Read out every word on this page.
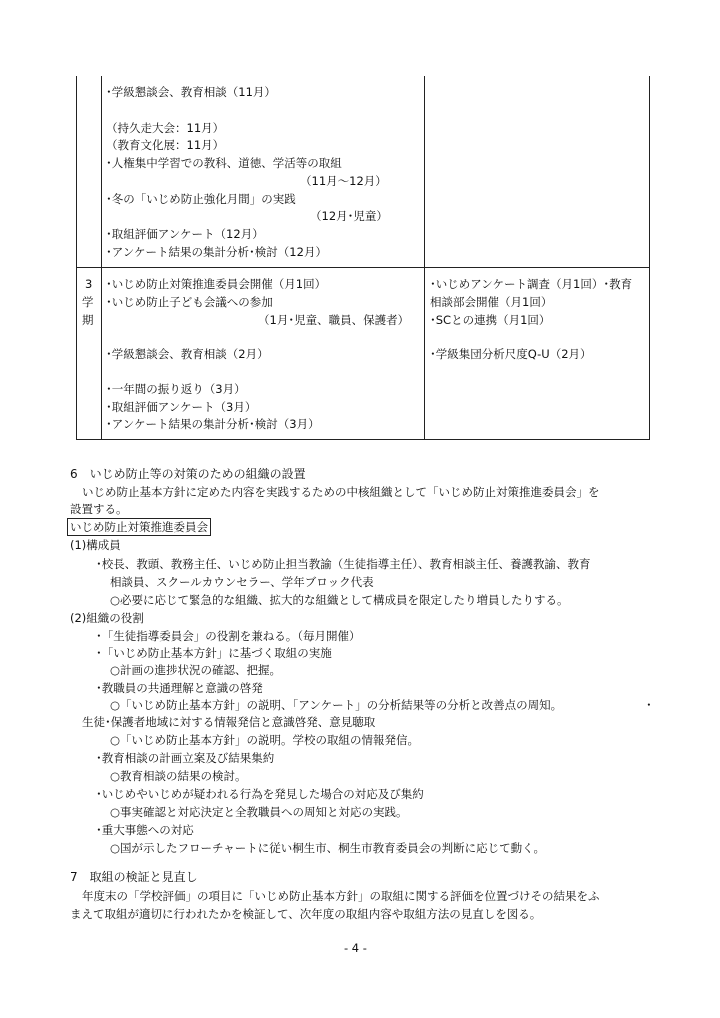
･学級懇談会、教育相談（11月）
（持久走大会：11月）
（教育文化展：11月）
･人権集中学習での教科、道徳、学活等の取組
（11月～12月）
･冬の「いじめ防止強化月間」の実践
（12月･児童）
･取組評価アンケート（12月）
･アンケート結果の集計分析･検討（12月）
3
学
期
･いじめ防止対策推進委員会開催（月1回）
･いじめ防止子ども会議への参加
（1月･児童、職員、保護者）
･学級懇談会、教育相談（2月）
･一年間の振り返り（3月）
･取組評価アンケート（3月）
･アンケート結果の集計分析･検討（3月）
･いじめアンケート調査（月1回）･教育
相談部会開催（月1回）
･SCとの連携（月1回）
･学級集団分析尺度Q-U（2月）
6　いじめ防止等の対策のための組織の設置
いじめ防止基本方針に定めた内容を実践するための中核組織として「いじめ防止対策推進委員会」を
設置する。
いじめ防止対策推進委員会
(1)構成員
･校長、教頭、教務主任、いじめ防止担当教諭（生徒指導主任）、教育相談主任、養護教諭、教育
相談員、スクールカウンセラー、学年ブロック代表
○必要に応じて緊急的な組織、拡大的な組織として構成員を限定したり増員したりする。
(2)組織の役割
･「生徒指導委員会」の役割を兼ねる。（毎月開催）
･「いじめ防止基本方針」に基づく取組の実施
○計画の進捗状況の確認、把握。
･教職員の共通理解と意識の啓発
○「いじめ防止基本方針」の説明、「アンケート」の分析結果等の分析と改善点の周知。	･
生徒･保護者地域に対する情報発信と意識啓発、意見聴取
○「いじめ防止基本方針」の説明。学校の取組の情報発信。
･教育相談の計画立案及び結果集約
○教育相談の結果の検討。
･いじめやいじめが疑われる行為を発見した場合の対応及び集約
○事実確認と対応決定と全教職員への周知と対応の実践。
･重大事態への対応
○国が示したフローチャートに従い桐生市、桐生市教育委員会の判断に応じて動く。
7　取組の検証と見直し
年度末の「学校評価」の項目に「いじめ防止基本方針」の取組に関する評価を位置づけその結果をふ
まえて取組が適切に行われたかを検証して、次年度の取組内容や取組方法の見直しを図る。
- 4 -
